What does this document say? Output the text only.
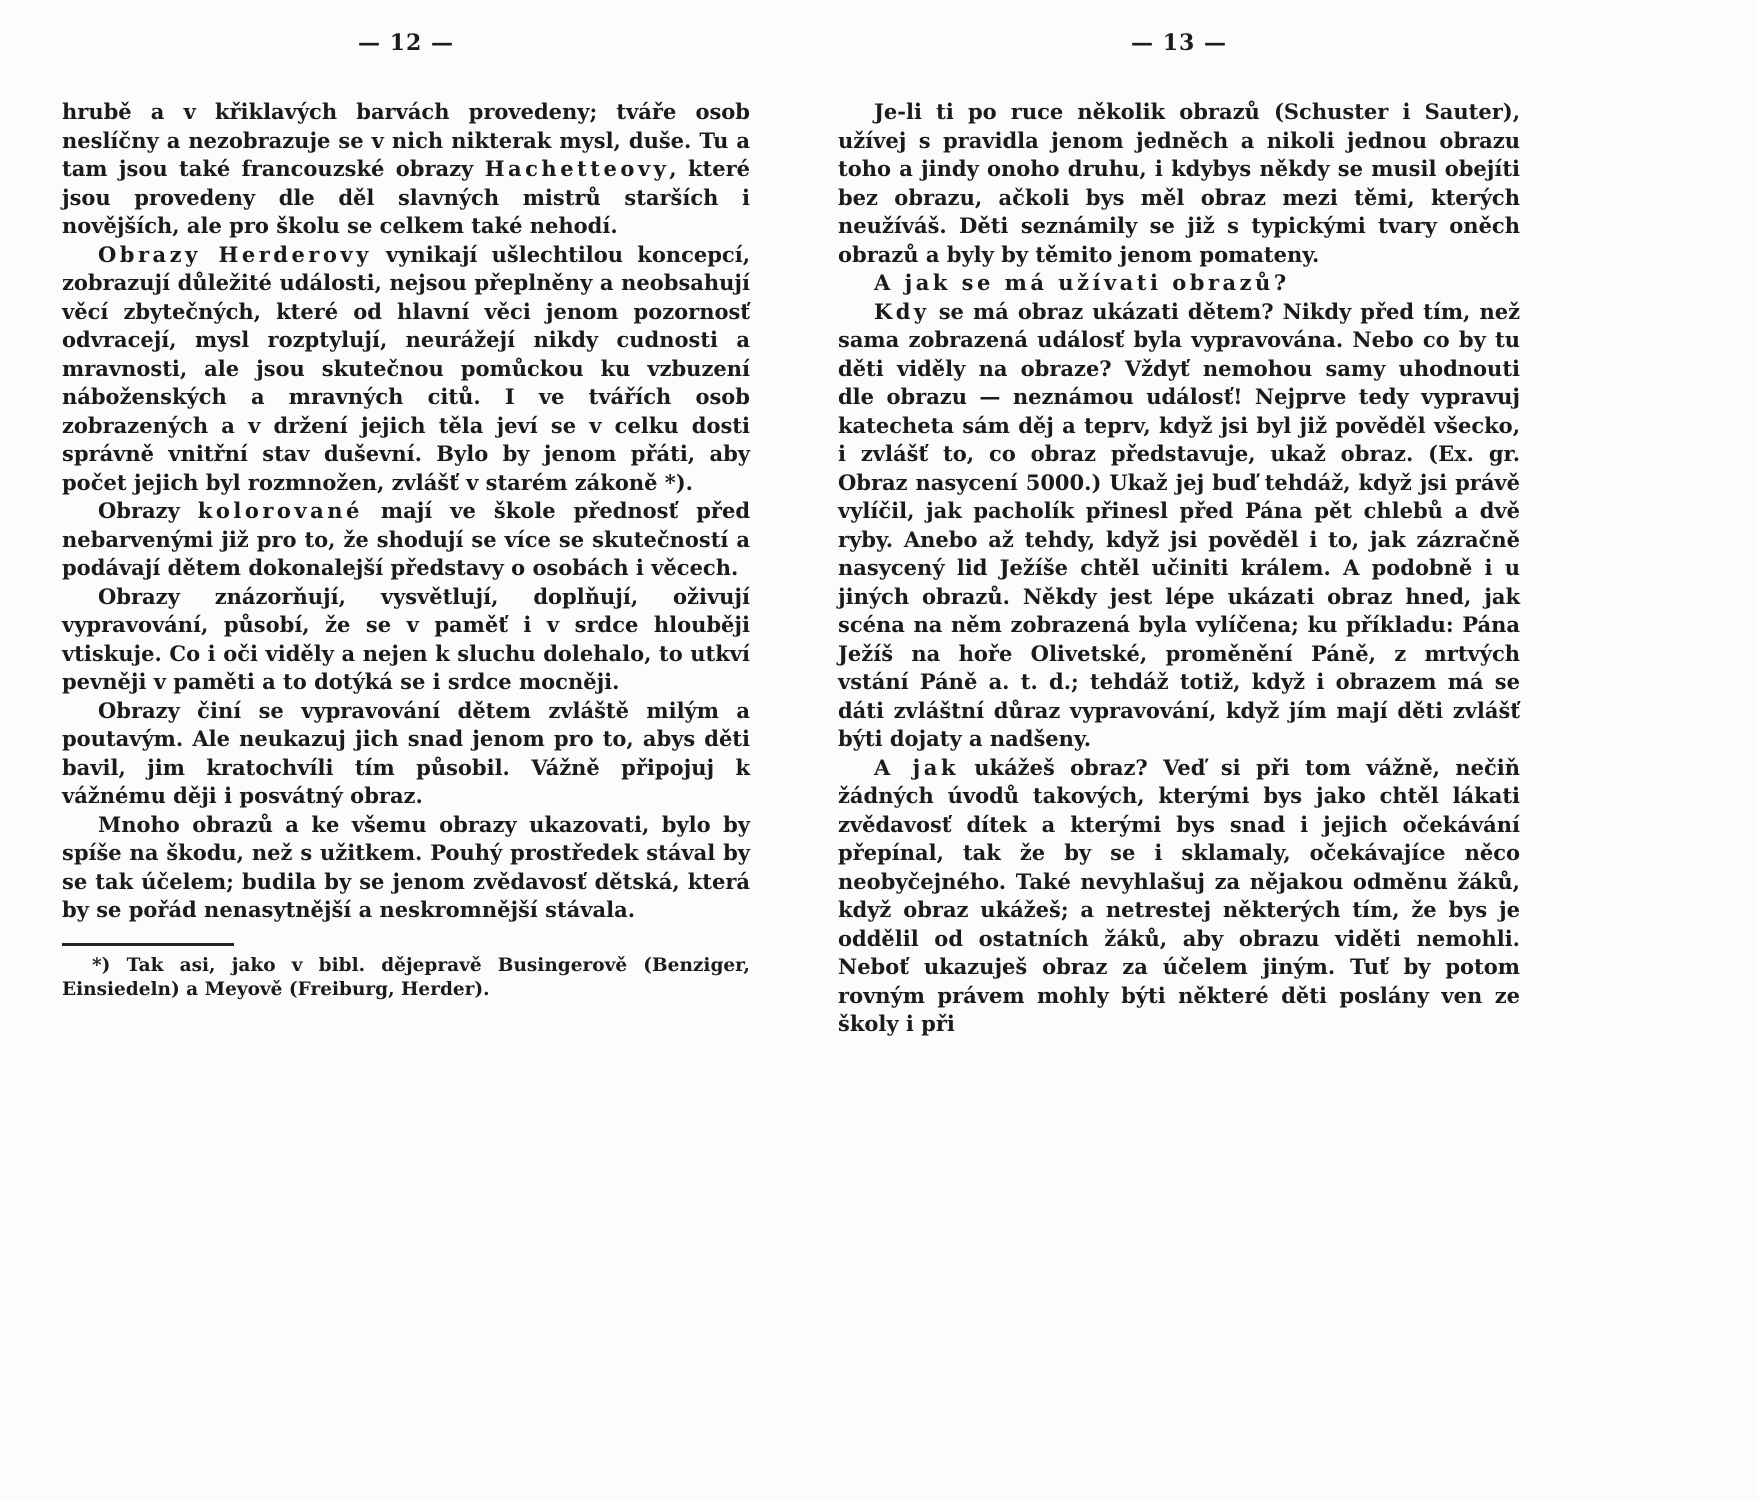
— 12 —

hrubě a v křiklavých barvách provedeny; tváře osob neslíčny a nezobrazuje se v nich nikterak mysl, duše. Tu a tam jsou také francouzské obrazy Hachetteovy, které jsou provedeny dle děl slavných mistrů starších i novějších, ale pro školu se celkem také nehodí.

Obrazy Herderovy vynikají ušlechtilou koncepcí, zobrazují důležité události, nejsou přeplněny a neobsahují věcí zbytečných, které od hlavní věci jenom pozornosť odvracejí, mysl rozptylují, neurážejí nikdy cudnosti a mravnosti, ale jsou skutečnou pomůckou ku vzbuzení náboženských a mravných citů. I ve tvářích osob zobrazených a v držení jejich těla jeví se v celku dosti správně vnitřní stav duševní. Bylo by jenom přáti, aby počet jejich byl rozmnožen, zvlášť v starém zákoně *).

Obrazy kolorované mají ve škole přednosť před nebarvenými již pro to, že shodují se více se skutečností a podávají dětem dokonalejší představy o osobách i věcech.

Obrazy znázorňují, vysvětlují, doplňují, oživují vypravování, působí, že se v paměť i v srdce hlouběji vtiskuje. Co i oči viděly a nejen k sluchu dolehalo, to utkví pevněji v paměti a to dotýká se i srdce mocněji.

Obrazy činí se vypravování dětem zvláště milým a poutavým. Ale neukazuj jich snad jenom pro to, abys děti bavil, jim kratochvíli tím působil. Vážně připojuj k vážnému ději i posvátný obraz.

Mnoho obrazů a ke všemu obrazy ukazovati, bylo by spíše na škodu, než s užitkem. Pouhý prostředek stával by se tak účelem; budila by se jenom zvědavosť dětská, která by se pořád nenasytnější a neskromnější stávala.

*) Tak asi, jako v bibl. dějepravě Busingerově (Benziger, Einsiedeln) a Meyově (Freiburg, Herder).

— 13 —

Je-li ti po ruce několik obrazů (Schuster i Sauter), užívej s pravidla jenom jedněch a nikoli jednou obrazu toho a jindy onoho druhu, i kdybys někdy se musil obejíti bez obrazu, ačkoli bys měl obraz mezi těmi, kterých neužíváš. Děti seznámily se již s typickými tvary oněch obrazů a byly by těmito jenom pomateny.

A jak se má užívati obrazů?

Kdy se má obraz ukázati dětem? Nikdy před tím, než sama zobrazená událosť byla vypravována. Nebo co by tu děti viděly na obraze? Vždyť nemohou samy uhodnouti dle obrazu — neznámou událosť! Nejprve tedy vypravuj katecheta sám děj a teprv, když jsi byl již pověděl všecko, i zvlášť to, co obraz představuje, ukaž obraz. (Ex. gr. Obraz nasycení 5000.) Ukaž jej buď tehdáž, když jsi právě vylíčil, jak pacholík přinesl před Pána pět chlebů a dvě ryby. Anebo až tehdy, když jsi pověděl i to, jak zázračně nasycený lid Ježíše chtěl učiniti králem. A podobně i u jiných obrazů. Někdy jest lépe ukázati obraz hned, jak scéna na něm zobrazená byla vylíčena; ku příkladu: Pána Ježíš na hoře Olivetské, proměnění Páně, z mrtvých vstání Páně a. t. d.; tehdáž totiž, když i obrazem má se dáti zvláštní důraz vypravování, když jím mají děti zvlášť býti dojaty a nadšeny.

A jak ukážeš obraz? Veď si při tom vážně, nečiň žádných úvodů takových, kterými bys jako chtěl lákati zvědavosť dítek a kterými bys snad i jejich očekávání přepínal, tak že by se i sklamaly, očekávajíce něco neobyčejného. Také nevyhlašuj za nějakou odměnu žáků, když obraz ukážeš; a netrestej některých tím, že bys je oddělil od ostatních žáků, aby obrazu viděti nemohli. Neboť ukazuješ obraz za účelem jiným. Tuť by potom rovným právem mohly býti některé děti poslány ven ze školy i při
